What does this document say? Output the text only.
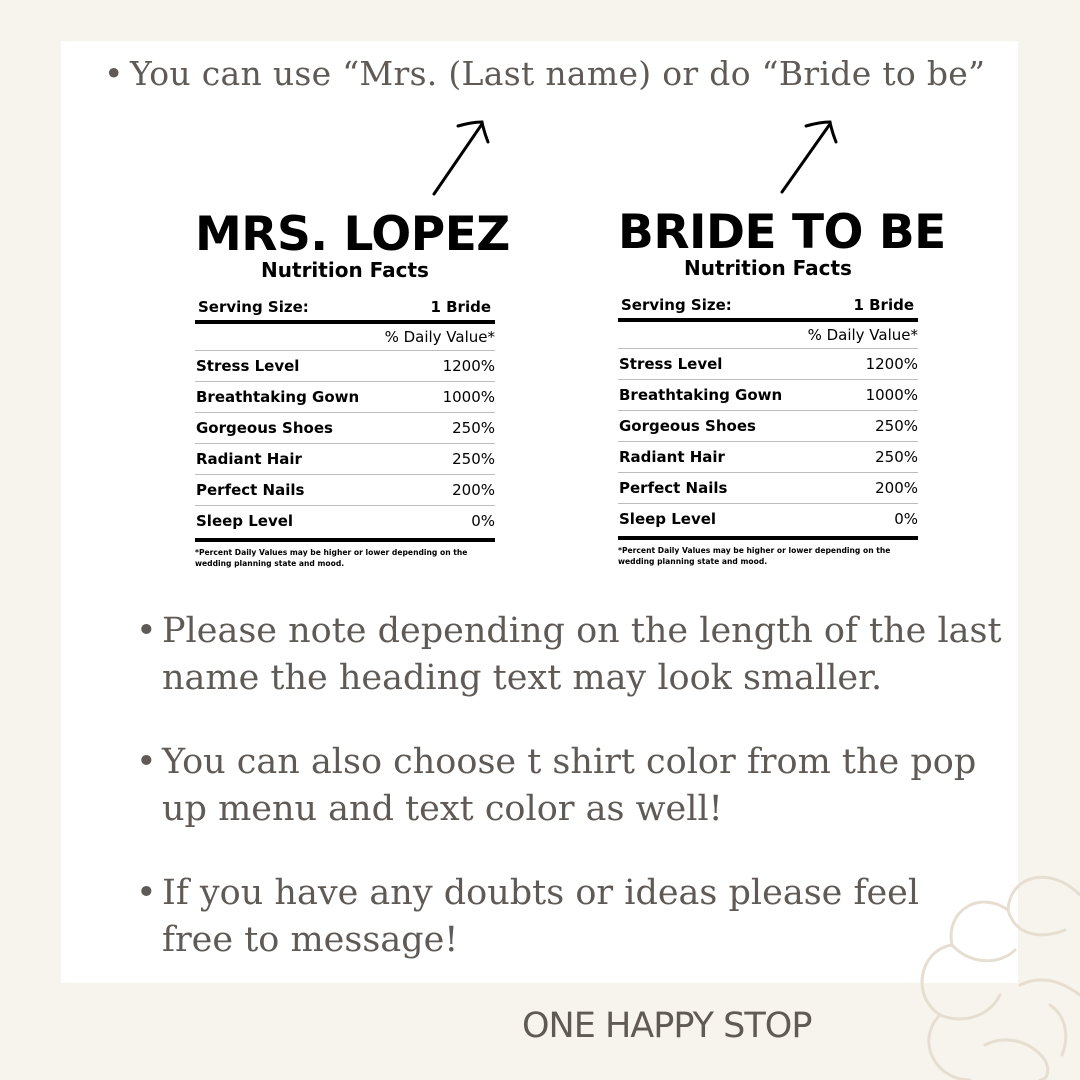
• You can use “Mrs. (Last name) or do “Bride to be”
MRS. LOPEZ
Nutrition Facts
Serving Size:	1 Bride
% Daily Value*
Stress Level	1200%
Breathtaking Gown	1000%
Gorgeous Shoes	250%
Radiant Hair	250%
Perfect Nails	200%
Sleep Level	0%
*Percent Daily Values may be higher or lower depending on the wedding planning state and mood.
BRIDE TO BE
Nutrition Facts
Serving Size:	1 Bride
% Daily Value*
Stress Level	1200%
Breathtaking Gown	1000%
Gorgeous Shoes	250%
Radiant Hair	250%
Perfect Nails	200%
Sleep Level	0%
*Percent Daily Values may be higher or lower depending on the wedding planning state and mood.
• Please note depending on the length of the last name the heading text may look smaller.
• You can also choose t shirt color from the pop up menu and text color as well!
• If you have any doubts or ideas please feel free to message!
ONE HAPPY STOP
